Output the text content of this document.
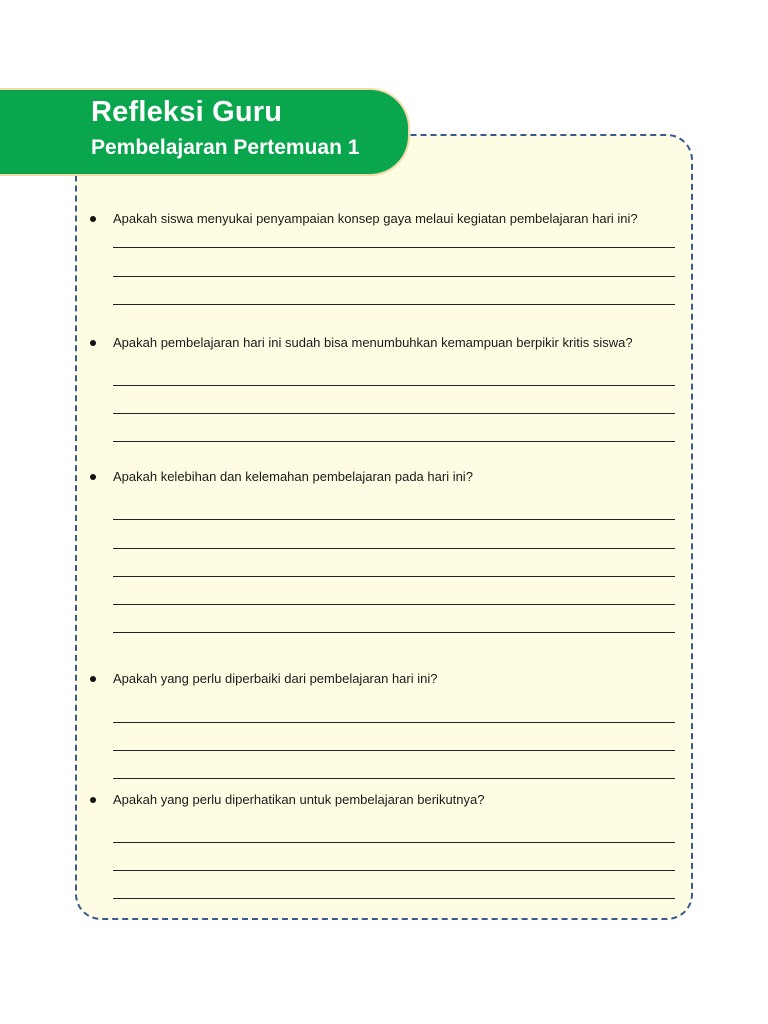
Refleksi Guru
Pembelajaran Pertemuan 1
Apakah siswa menyukai penyampaian konsep gaya melaui kegiatan pembelajaran hari ini?
Apakah pembelajaran hari ini sudah bisa menumbuhkan kemampuan berpikir kritis siswa?
Apakah kelebihan dan kelemahan pembelajaran pada hari ini?
Apakah yang perlu diperbaiki dari pembelajaran hari ini?
Apakah yang perlu diperhatikan untuk pembelajaran berikutnya?
